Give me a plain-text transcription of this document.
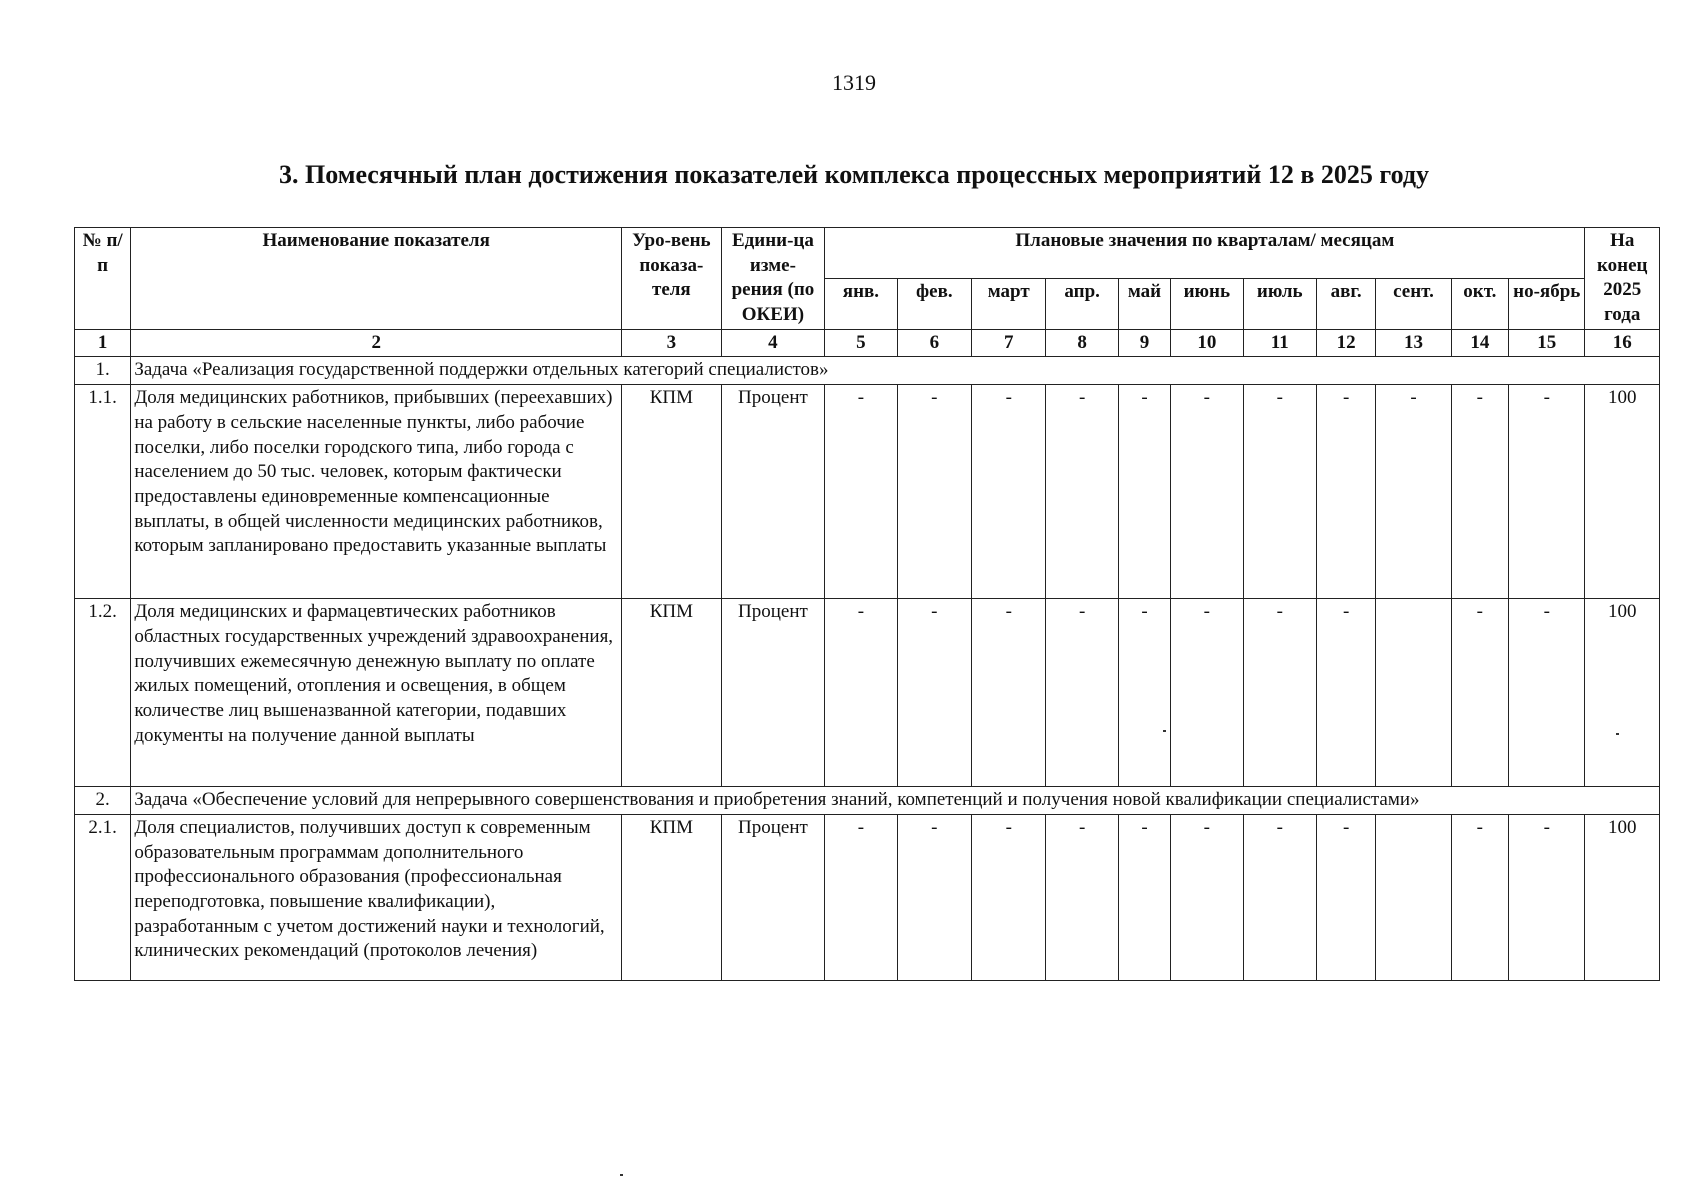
1319
3. Помесячный план достижения показателей комплекса процессных мероприятий 12 в 2025 году
№ п/п	Наименование показателя	Уро-вень показа-теля	Едини-ца изме-рения (по ОКЕИ)	Плановые значения по кварталам/ месяцам											На конец 2025 года
				янв.	фев.	март	апр.	май	июнь	июль	авг.	сент.	окт.	но-ябрь	
1	2	3	4	5	6	7	8	9	10	11	12	13	14	15	16
1.	Задача «Реализация государственной поддержки отдельных категорий специалистов»														
1.1.	Доля медицинских работников, прибывших (переехавших) на работу в сельские населенные пункты, либо рабочие поселки, либо поселки городского типа, либо города с населением до 50 тыс. человек, которым фактически предоставлены единовременные компенсационные выплаты, в общей численности медицинских работников, которым запланировано предоставить указанные выплаты	КПМ	Процент	-	-	-	-	-	-	-	-	-	-	-	100
1.2.	Доля медицинских и фармацевтических работников областных государственных учреждений здравоохранения, получивших ежемесячную денежную выплату по оплате жилых помещений, отопления и освещения, в общем количестве лиц вышеназванной категории, подавших документы на получение данной выплаты	КПМ	Процент	-	-	-	-	-	-	-	-		-	-	100
2.	Задача «Обеспечение условий для непрерывного совершенствования и приобретения знаний, компетенций и получения новой квалификации специалистами»														
2.1.	Доля специалистов, получивших доступ к современным образовательным программам дополнительного профессионального образования (профессиональная переподготовка, повышение квалификации), разработанным с учетом достижений науки и технологий, клинических рекомендаций (протоколов лечения)	КПМ	Процент	-	-	-	-	-	-	-	-		-	-	100
